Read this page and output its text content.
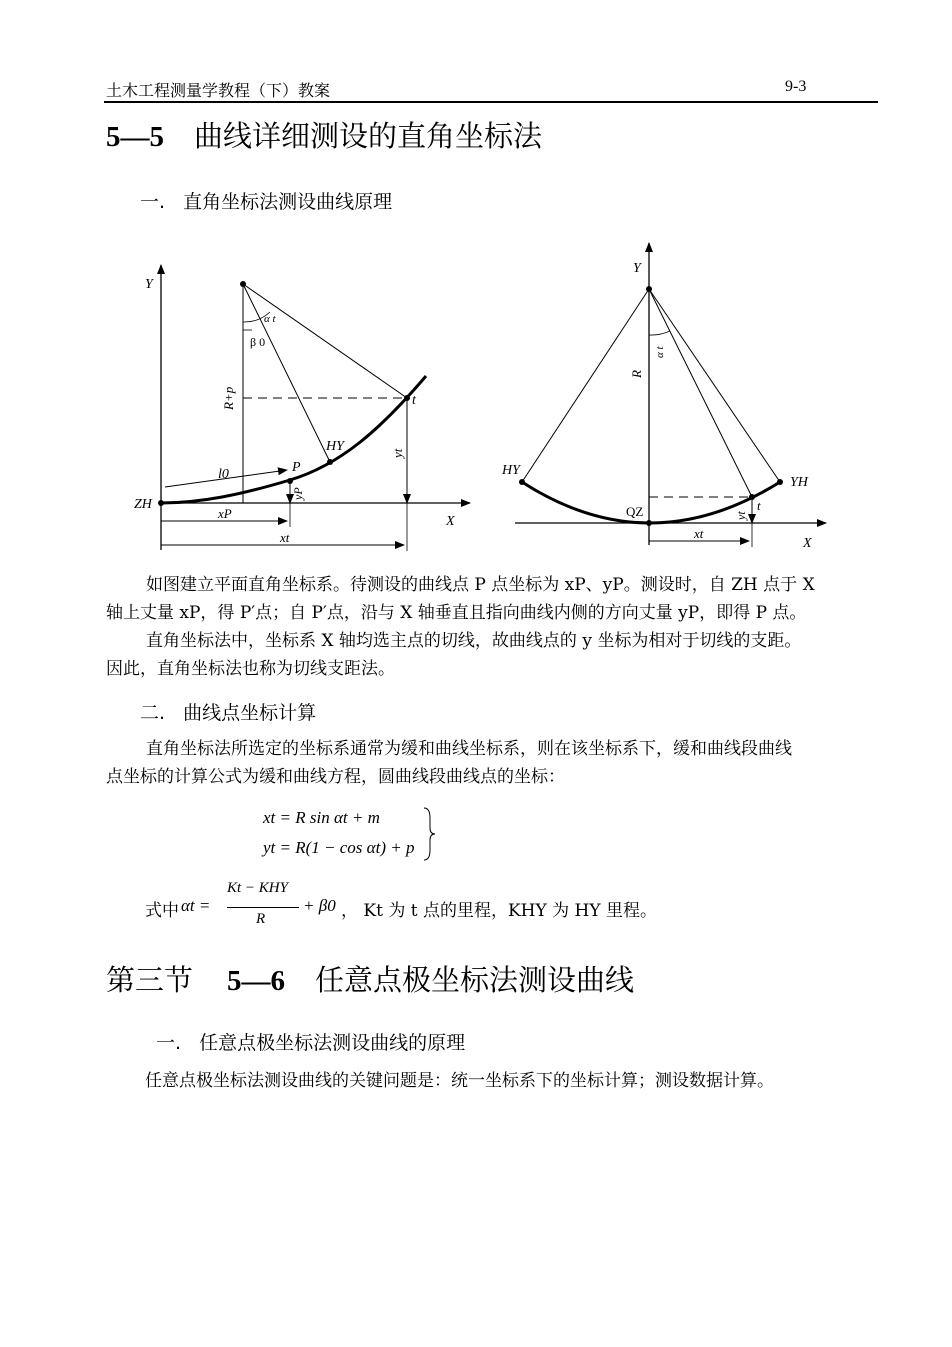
土木工程测量学教程（下）教案	9-3
5—5 曲线详细测设的直角坐标法
一. 直角坐标法测设曲线原理
Y
X
ZH
HY
P
t
α t
β 0
R+p
yt
yP
l0
xP
xt
Y
X
HY
YH
QZ	t
α t
R
yt
xt

如图建立平面直角坐标系。待测设的曲线点 P 点坐标为 xP、yP。测设时，自 ZH 点于 X

轴上丈量 xP，得 P′点；自 P′点，沿与 X 轴垂直且指向曲线内侧的方向丈量 yP，即得 P 点。

直角坐标法中，坐标系 X 轴均选主点的切线，故曲线点的 y 坐标为相对于切线的支距。

因此，直角坐标法也称为切线支距法。

二. 曲线点坐标计算

直角坐标法所选定的坐标系通常为缓和曲线坐标系，则在该坐标系下，缓和曲线段曲线

点坐标的计算公式为缓和曲线方程，圆曲线段曲线点的坐标：

xt = R sin αt + m
yt = R(1 − cos αt) + p
式中 αt =
Kt − KHY
R
+ β0 ， Kt 为 t 点的里程，KHY 为 HY 里程。
第三节 5—6 任意点极坐标法测设曲线
一. 任意点极坐标法测设曲线的原理
任意点极坐标法测设曲线的关键问题是：统一坐标系下的坐标计算；测设数据计算。
